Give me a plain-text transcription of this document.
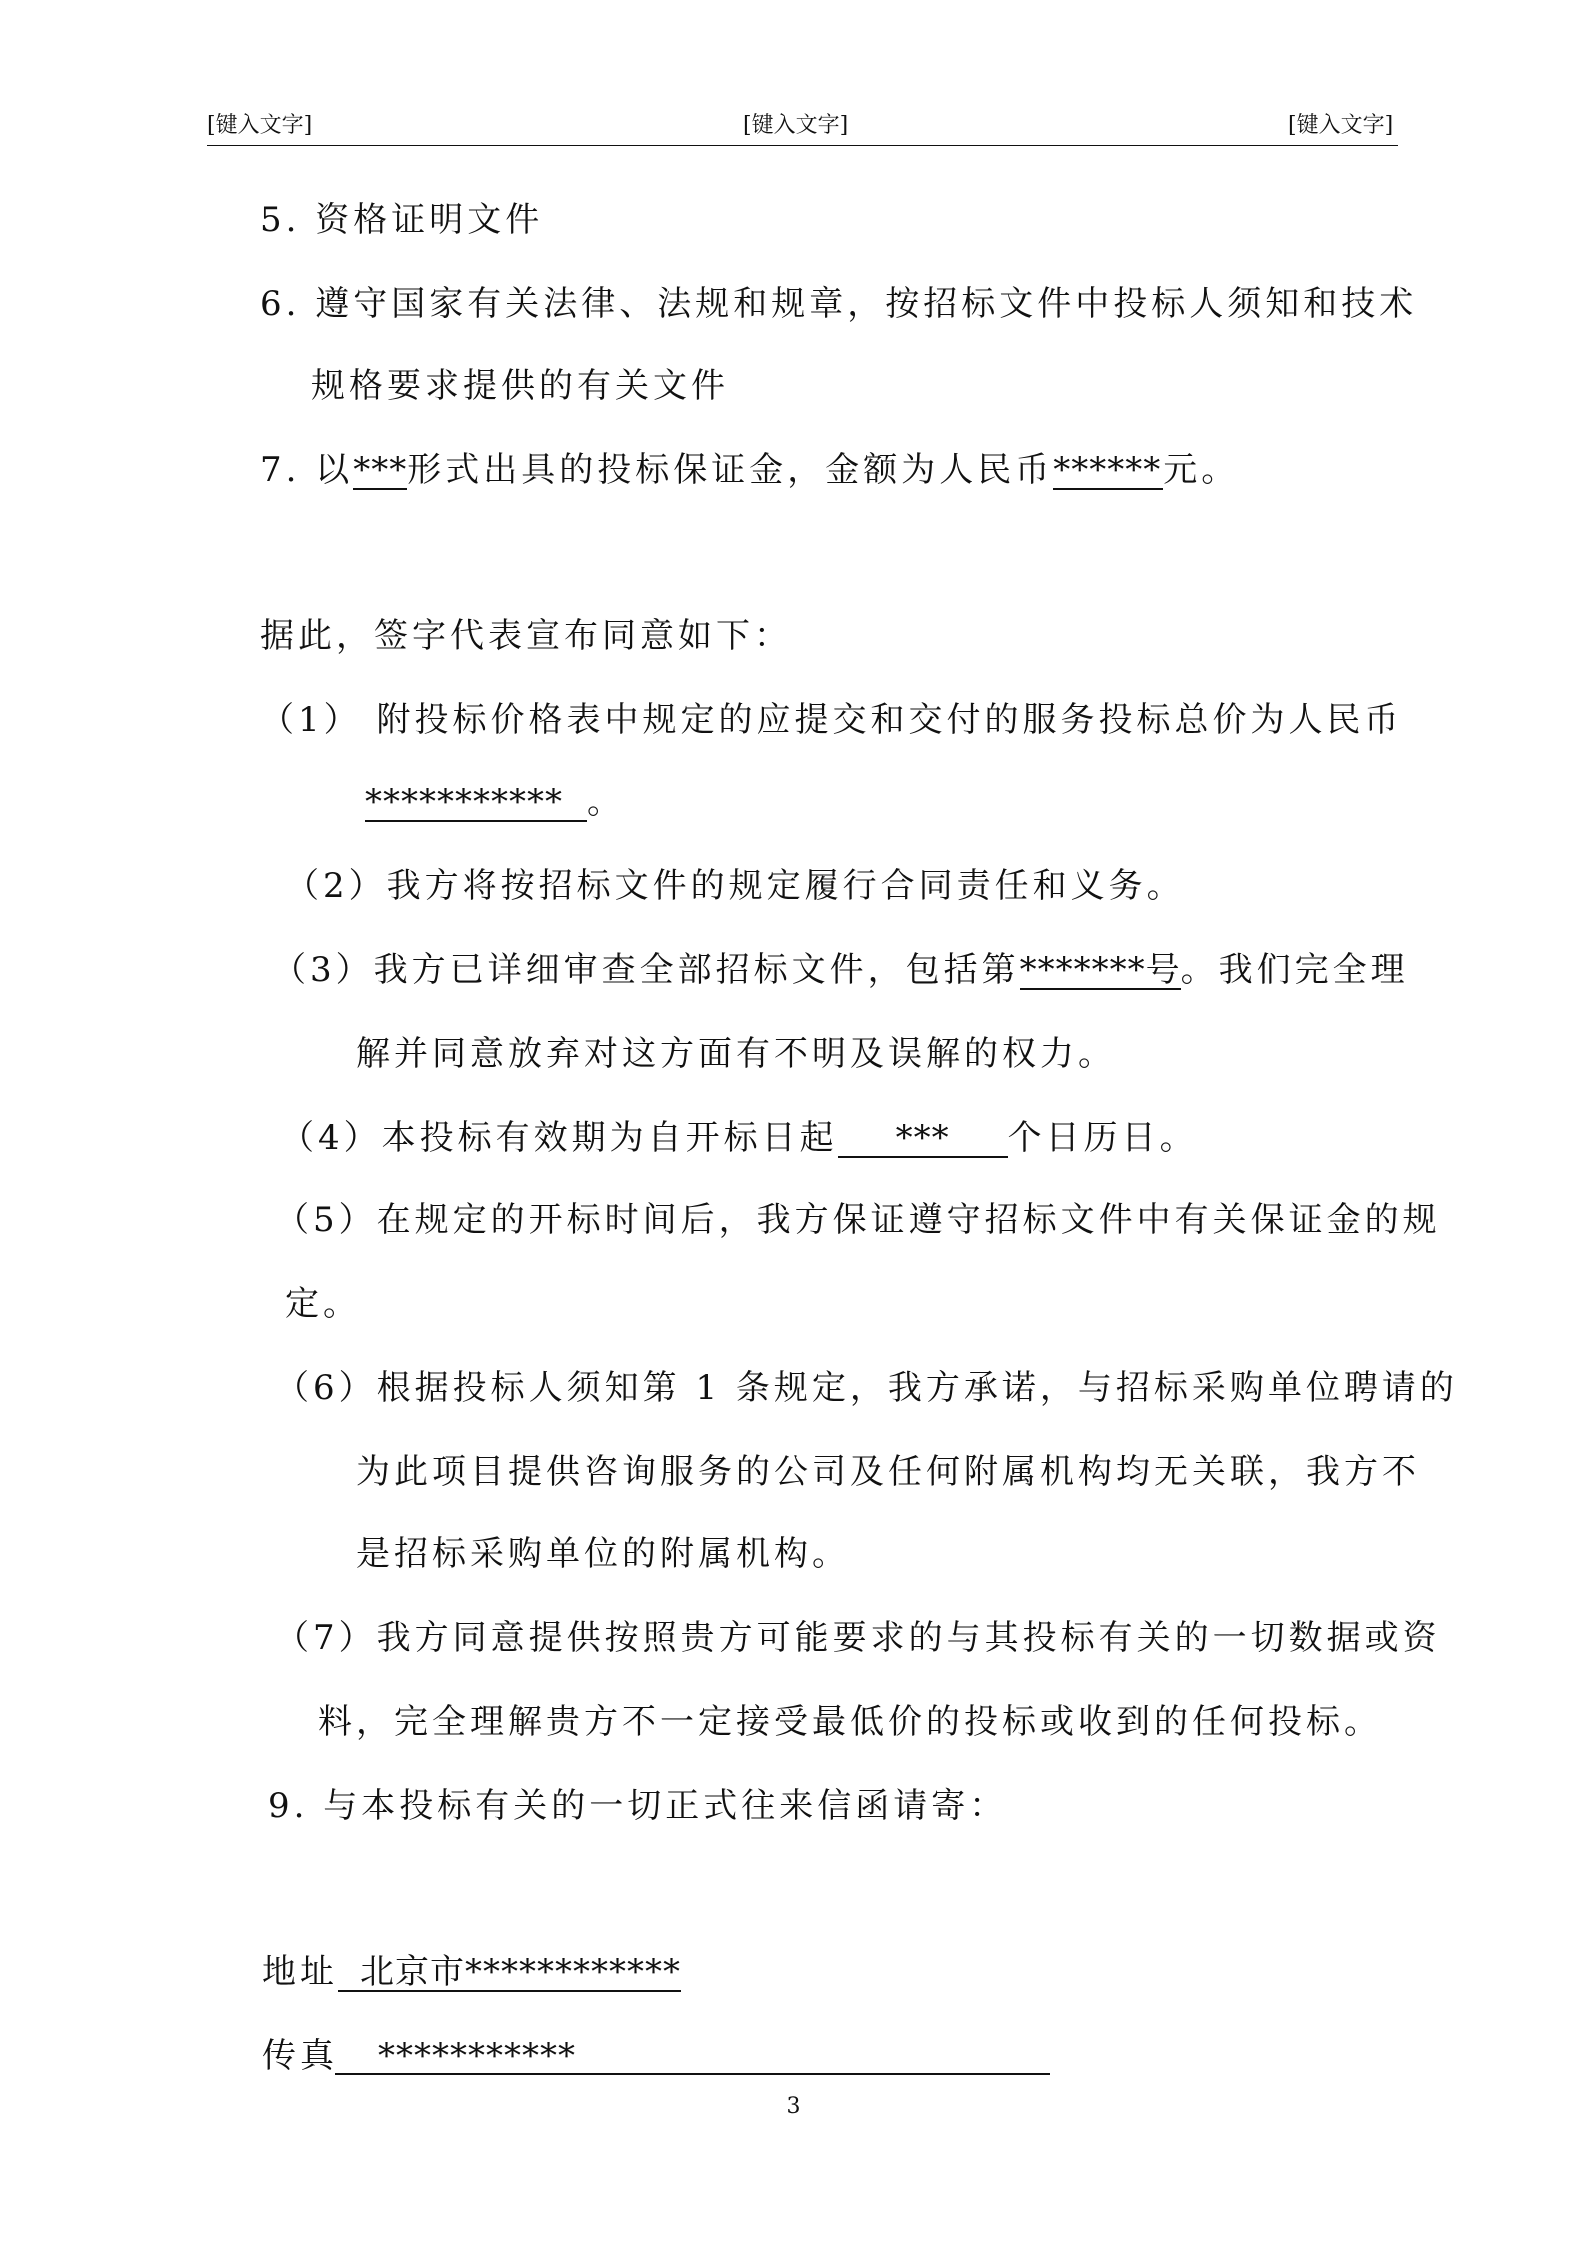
[键入文字]	[键入文字]	[键入文字]
5. 资格证明文件
6. 遵守国家有关法律、法规和规章，按招标文件中投标人须知和技术
规格要求提供的有关文件
7. 以***形式出具的投标保证金，金额为人民币******元。
据此，签字代表宣布同意如下：
（1） 附投标价格表中规定的应提交和交付的服务投标总价为人民币
*********** 。
（2）我方将按招标文件的规定履行合同责任和义务。
（3）我方已详细审查全部招标文件，包括第*******号。我们完全理
解并同意放弃对这方面有不明及误解的权力。
（4）本投标有效期为自开标日起 *** 个日历日。
（5）在规定的开标时间后，我方保证遵守招标文件中有关保证金的规
定。
（6）根据投标人须知第 1 条规定，我方承诺，与招标采购单位聘请的
为此项目提供咨询服务的公司及任何附属机构均无关联，我方不
是招标采购单位的附属机构。
（7）我方同意提供按照贵方可能要求的与其投标有关的一切数据或资
料，完全理解贵方不一定接受最低价的投标或收到的任何投标。
9. 与本投标有关的一切正式往来信函请寄：
地址 北京市************
传真 ***********
3
